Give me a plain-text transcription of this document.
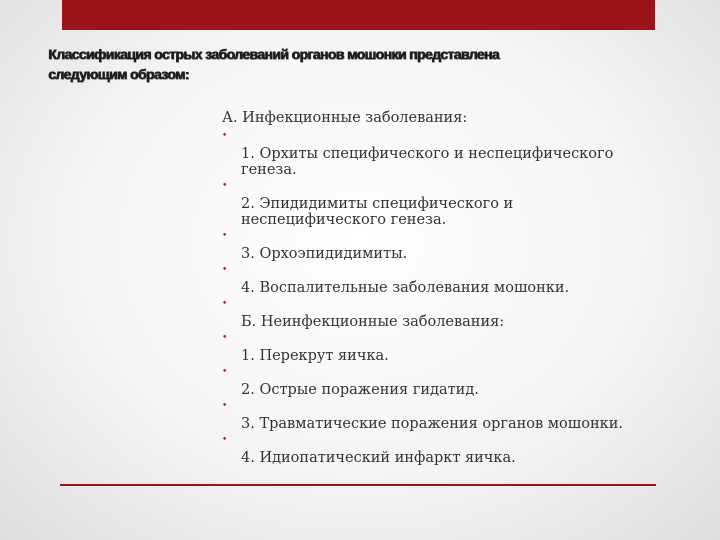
Классификация острых заболеваний органов мошонки представлена
следующим образом:
А. Инфекционные заболевания:
•
1. Орхиты специфического и неспецифического генеза.
•
2. Эпидидимиты специфического и неспецифического генеза.
•
3. Орхоэпидидимиты.
•
4. Воспалительные заболевания мошонки.
•
Б. Неинфекционные заболевания:
•
1. Перекрут яичка.
•
2. Острые поражения гидатид.
•
3. Травматические поражения органов мошонки.
•
4. Идиопатический инфаркт яичка.
